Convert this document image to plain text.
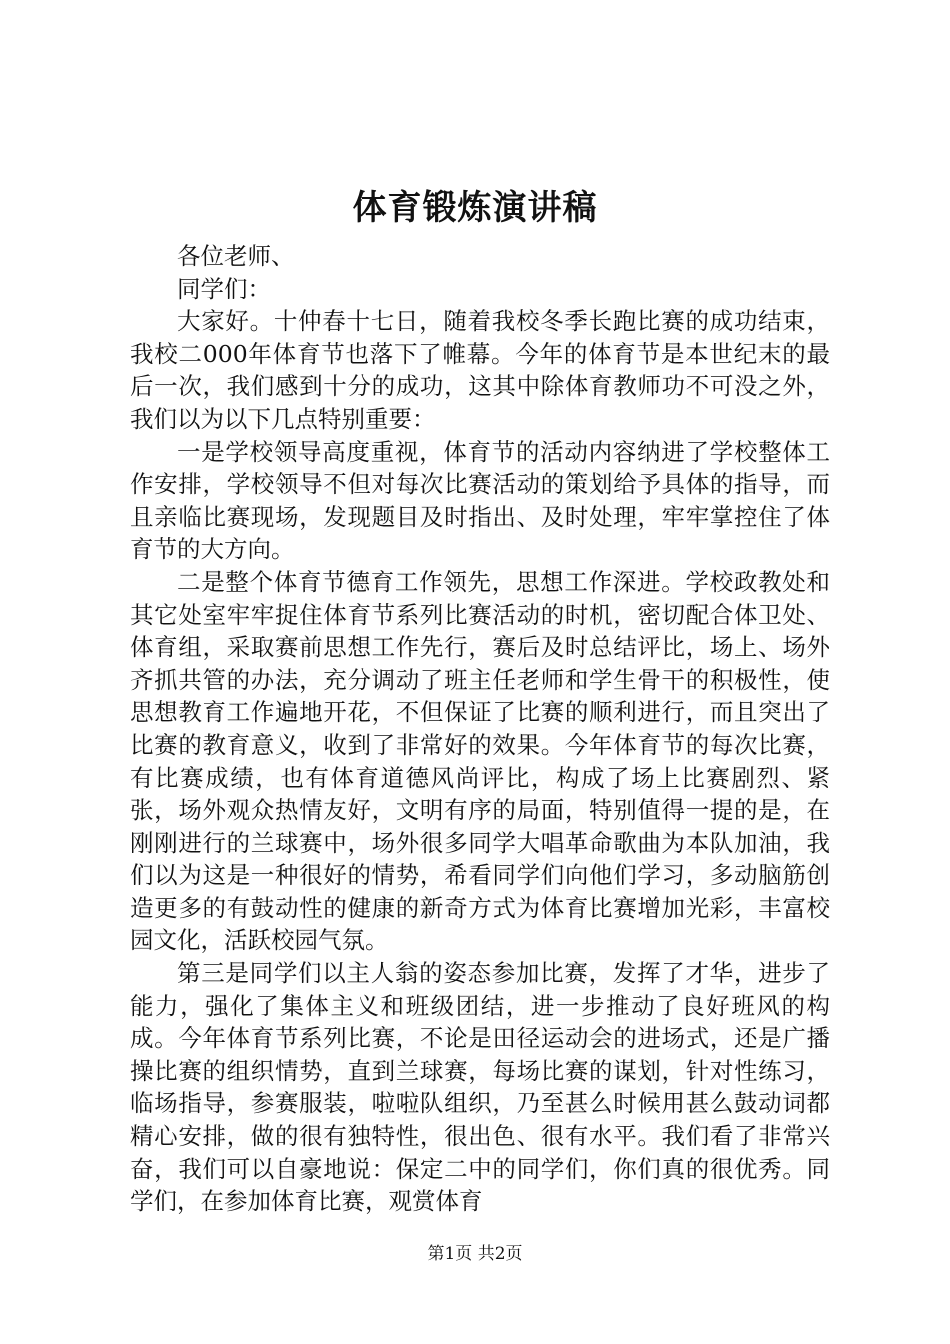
体育锻炼演讲稿

各位老师、

同学们：

大家好。十仲春十七日，随着我校冬季长跑比赛的成功结束，我校二000年体育节也落下了帷幕。今年的体育节是本世纪末的最后一次，我们感到十分的成功，这其中除体育教师功不可没之外，我们以为以下几点特别重要：

一是学校领导高度重视，体育节的活动内容纳进了学校整体工作安排，学校领导不但对每次比赛活动的策划给予具体的指导，而且亲临比赛现场，发现题目及时指出、及时处理，牢牢掌控住了体育节的大方向。

二是整个体育节德育工作领先，思想工作深进。学校政教处和其它处室牢牢捉住体育节系列比赛活动的时机，密切配合体卫处、体育组，采取赛前思想工作先行，赛后及时总结评比，场上、场外齐抓共管的办法，充分调动了班主任老师和学生骨干的积极性，使思想教育工作遍地开花，不但保证了比赛的顺利进行，而且突出了比赛的教育意义，收到了非常好的效果。今年体育节的每次比赛，有比赛成绩，也有体育道德风尚评比，构成了场上比赛剧烈、紧张，场外观众热情友好，文明有序的局面，特别值得一提的是，在刚刚进行的兰球赛中，场外很多同学大唱革命歌曲为本队加油，我们以为这是一种很好的情势，希看同学们向他们学习，多动脑筋创造更多的有鼓动性的健康的新奇方式为体育比赛增加光彩，丰富校园文化，活跃校园气氛。

第三是同学们以主人翁的姿态参加比赛，发挥了才华，进步了能力，强化了集体主义和班级团结，进一步推动了良好班风的构成。今年体育节系列比赛，不论是田径运动会的进场式，还是广播操比赛的组织情势，直到兰球赛，每场比赛的谋划，针对性练习，临场指导，参赛服装，啦啦队组织，乃至甚么时候用甚么鼓动词都精心安排，做的很有独特性，很出色、很有水平。我们看了非常兴奋，我们可以自豪地说：保定二中的同学们，你们真的很优秀。同学们，在参加体育比赛，观赏体育

第1页 共2页
